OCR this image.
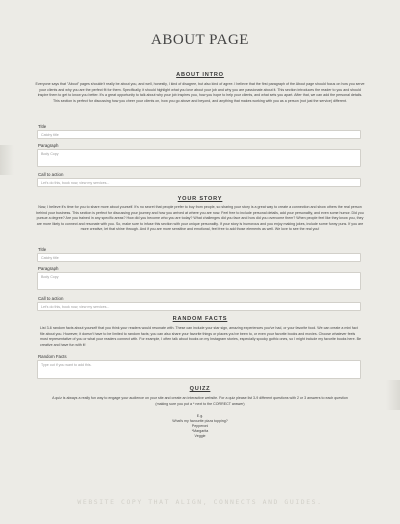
ABOUT PAGE
ABOUT INTRO
Everyone says that "About" pages shouldn't really be about you, and well, honestly, I kind of disagree, but also kind of agree. I believe that the first paragraph of the About page should focus on how you serve your clients and why you are the perfect fit for them. Specifically, it should highlight what you love about your job and why you are passionate about it. This section introduces the reader to you and should inspire them to get to know you better. It's a great opportunity to talk about why your job inspires you, how you hope to help your clients, and what sets you apart. After that, we can add the personal details. This section is perfect for discussing how you cheer your clients on, how you go above and beyond, and anything that makes working with you as a person (not just the service) different.
Title
Catchy title
Paragraph
Body Copy
Call to action
Let's do this, book now, view my services...
YOUR STORY
Now, I believe it's time for you to share more about yourself. It's no secret that people prefer to buy from people, so sharing your story is a great way to create a connection and show others the real person behind your business. This section is perfect for discussing your journey and how you arrived at where you are now. Feel free to include personal details, add your personality, and even some humor. Did you pursue a degree? Are you trained in any specific areas? How did you become who you are today? What challenges did you face and how did you overcome them? When people feel like they know you, they are more likely to connect and resonate with you. So, make sure to infuse this section with your unique personality. If your story is humorous and you enjoy making jokes, include some funny puns. If you are more creative, let that shine through. And if you are more sensitive and emotional, feel free to add those elements as well. We love to see the real you!
Title
Catchy title
Paragraph
Body Copy
Call to action
Let's do this, book now, view my services...
RANDOM FACTS
List 3-6 random facts about yourself that you think your readers would resonate with. These can include your star sign, amazing experiences you've had, or your favorite food. We can create a mini fact file about you. However, it doesn't have to be limited to random facts; you can also share your favorite things or places you've been to, or even your favorite books and movies. Choose whatever feels most representative of you or what your readers connect with. For example, I often talk about books on my Instagram stories, especially spooky gothic ones, so I might include my favorite books here. Be creative and have fun with it!
Random Facts
Type out if you want to add this.
QUIZZ
A quiz is always a really fun way to engage your audience on your site and create an interactive website. For a quiz please list 3-9 different questions with 2 or 3 answers to each question (making sure you put a * next to the CORRECT answer)
E.g.
What's my favourite pizza topping?
Pepperoni
*Margarita
Veggie
WEBSITE COPY THAT ALIGN, CONNECTS AND GUIDES.
